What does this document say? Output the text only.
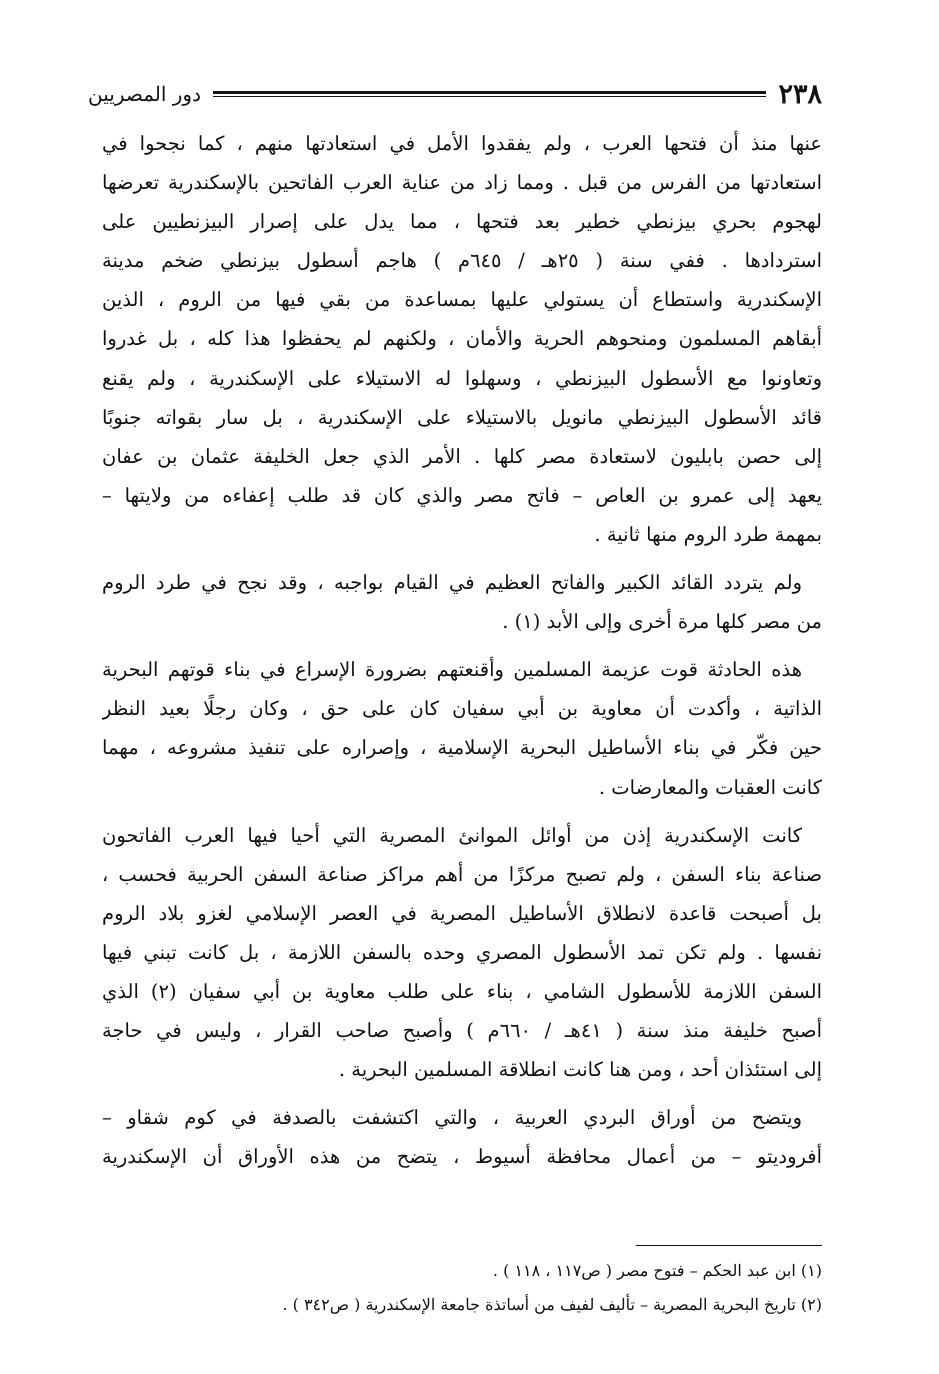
٢٣٨
دور المصريين

عنها منذ أن فتحها العرب ، ولم يفقدوا الأمل في استعادتها منهم ، كما نجحوا في
استعادتها من الفرس من قبل . ومما زاد من عناية العرب الفاتحين بالإسكندرية تعرضها
لهجوم بحري بيزنطي خطير بعد فتحها ، مما يدل على إصرار البيزنطيين على
استردادها . ففي سنة ( ٢٥هـ / ٦٤٥م ) هاجم أسطول بيزنطي ضخم مدينة
الإسكندرية واستطاع أن يستولي عليها بمساعدة من بقي فيها من الروم ، الذين
أبقاهم المسلمون ومنحوهم الحرية والأمان ، ولكنهم لم يحفظوا هذا كله ، بل غدروا
وتعاونوا مع الأسطول البيزنطي ، وسهلوا له الاستيلاء على الإسكندرية ، ولم يقنع
قائد الأسطول البيزنطي مانويل بالاستيلاء على الإسكندرية ، بل سار بقواته جنوبًا
إلى حصن بابليون لاستعادة مصر كلها . الأمر الذي جعل الخليفة عثمان بن عفان
يعهد إلى عمرو بن العاص – فاتح مصر والذي كان قد طلب إعفاءه من ولايتها –
بمهمة طرد الروم منها ثانية .

ولم يتردد القائد الكبير والفاتح العظيم في القيام بواجبه ، وقد نجح في طرد الروم
من مصر كلها مرة أخرى وإلى الأبد (١) .

هذه الحادثة قوت عزيمة المسلمين وأقنعتهم بضرورة الإسراع في بناء قوتهم البحرية
الذاتية ، وأكدت أن معاوية بن أبي سفيان كان على حق ، وكان رجلًا بعيد النظر
حين فكّر في بناء الأساطيل البحرية الإسلامية ، وإصراره على تنفيذ مشروعه ، مهما
كانت العقبات والمعارضات .

كانت الإسكندرية إذن من أوائل الموانئ المصرية التي أحيا فيها العرب الفاتحون
صناعة بناء السفن ، ولم تصبح مركزًا من أهم مراكز صناعة السفن الحربية فحسب ،
بل أصبحت قاعدة لانطلاق الأساطيل المصرية في العصر الإسلامي لغزو بلاد الروم
نفسها . ولم تكن تمد الأسطول المصري وحده بالسفن اللازمة ، بل كانت تبني فيها
السفن اللازمة للأسطول الشامي ، بناء على طلب معاوية بن أبي سفيان (٢) الذي
أصبح خليفة منذ سنة ( ٤١هـ / ٦٦٠م ) وأصبح صاحب القرار ، وليس في حاجة
إلى استئذان أحد ، ومن هنا كانت انطلاقة المسلمين البحرية .

ويتضح من أوراق البردي العربية ، والتي اكتشفت بالصدفة في كوم شقاو –
أفروديتو – من أعمال محافظة أسيوط ، يتضح من هذه الأوراق أن الإسكندرية

(١) ابن عبد الحكم – فتوح مصر ( ص١١٧ ، ١١٨ ) .
(٢) تاريخ البحرية المصرية – تأليف لفيف من أساتذة جامعة الإسكندرية ( ص٣٤٢ ) .
